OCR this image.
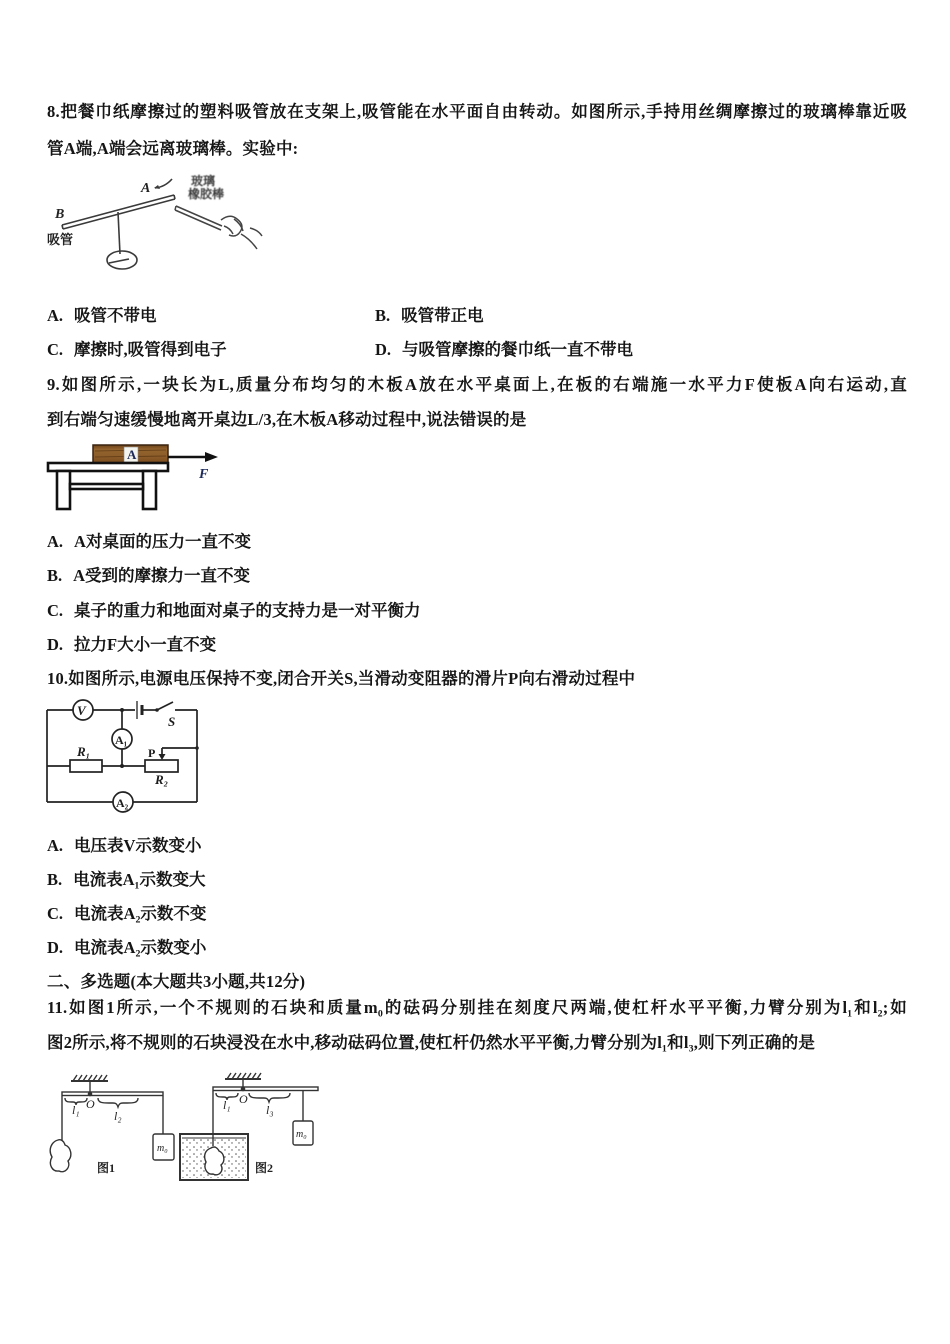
8.把餐巾纸摩擦过的塑料吸管放在支架上,吸管能在水平面自由转动。如图所示,手持用丝绸摩擦过的玻璃棒靠近吸
管A端,A端会远离玻璃棒。实验中:
A
B
吸管
玻璃
橡胶棒
A. 吸管不带电	B. 吸管带正电
C. 摩擦时,吸管得到电子	D. 与吸管摩擦的餐巾纸一直不带电
9.如图所示,一块长为L,质量分布均匀的木板A放在水平桌面上,在板的右端施一水平力F使板A向右运动,直
到右端匀速缓慢地离开桌边L/3,在木板A移动过程中,说法错误的是
A
F
A. A对桌面的压力一直不变
B. A受到的摩擦力一直不变
C. 桌子的重力和地面对桌子的支持力是一对平衡力
D. 拉力F大小一直不变
10.如图所示,电源电压保持不变,闭合开关S,当滑动变阻器的滑片P向右滑动过程中
V
A₁
A₂
R₁
R₂
P
S
A. 电压表V示数变小
B. 电流表A₁示数变大
C. 电流表A₂示数不变
D. 电流表A₂示数变小
二、多选题(本大题共3小题,共12分)
11.如图1所示,一个不规则的石块和质量m₀的砝码分别挂在刻度尺两端,使杠杆水平平衡,力臂分别为l₁和l₂;如
图2所示,将不规则的石块浸没在水中,移动砝码位置,使杠杆仍然水平平衡,力臂分别为l₁和l₃,则下列正确的是
l₁ O
l₂
m₀
图1
l₁ O
l₃
m₀
图2
